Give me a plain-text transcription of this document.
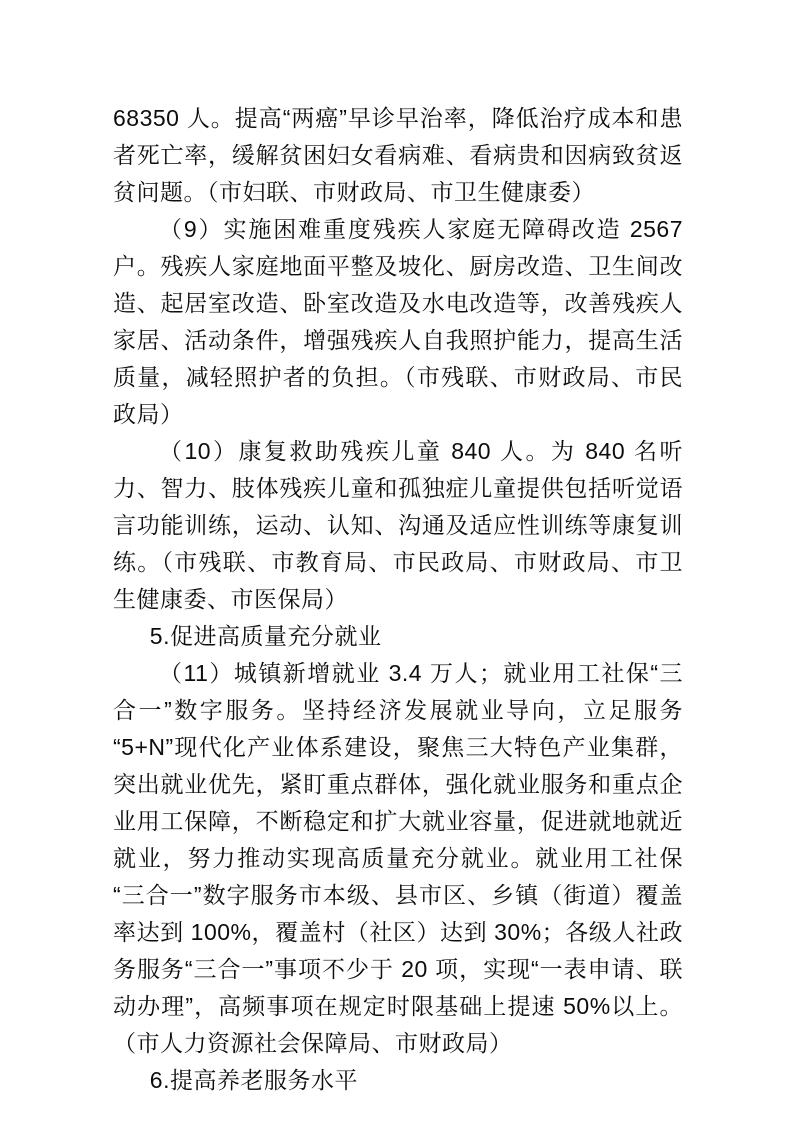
68350 人。提高“两癌”早诊早治率，降低治疗成本和患者死亡率，缓解贫困妇女看病难、看病贵和因病致贫返贫问题。（市妇联、市财政局、市卫生健康委）

（9）实施困难重度残疾人家庭无障碍改造 2567 户。残疾人家庭地面平整及坡化、厨房改造、卫生间改造、起居室改造、卧室改造及水电改造等，改善残疾人家居、活动条件，增强残疾人自我照护能力，提高生活质量，减轻照护者的负担。（市残联、市财政局、市民政局）

（10）康复救助残疾儿童 840 人。为 840 名听力、智力、肢体残疾儿童和孤独症儿童提供包括听觉语言功能训练，运动、认知、沟通及适应性训练等康复训练。（市残联、市教育局、市民政局、市财政局、市卫生健康委、市医保局）

5.促进高质量充分就业

（11）城镇新增就业 3.4 万人；就业用工社保“三合一”数字服务。坚持经济发展就业导向，立足服务“5+N”现代化产业体系建设，聚焦三大特色产业集群，突出就业优先，紧盯重点群体，强化就业服务和重点企业用工保障，不断稳定和扩大就业容量，促进就地就近就业，努力推动实现高质量充分就业。就业用工社保“三合一”数字服务市本级、县市区、乡镇（街道）覆盖率达到 100%，覆盖村（社区）达到 30%；各级人社政务服务“三合一”事项不少于 20 项，实现“一表申请、联动办理”，高频事项在规定时限基础上提速 50%以上。（市人力资源社会保障局、市财政局）

6.提高养老服务水平
